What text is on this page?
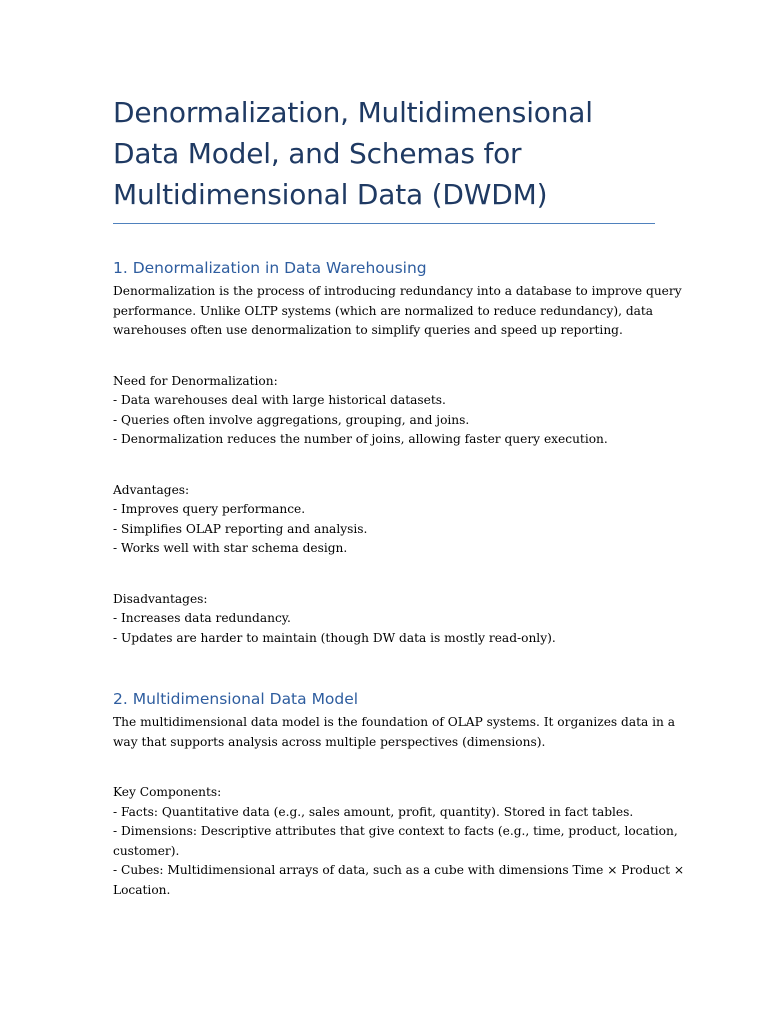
Denormalization, Multidimensional
Data Model, and Schemas for
Multidimensional Data (DWDM)
1. Denormalization in Data Warehousing

Denormalization is the process of introducing redundancy into a database to improve query
performance. Unlike OLTP systems (which are normalized to reduce redundancy), data
warehouses often use denormalization to simplify queries and speed up reporting.

Need for Denormalization:
- Data warehouses deal with large historical datasets.
- Queries often involve aggregations, grouping, and joins.
- Denormalization reduces the number of joins, allowing faster query execution.

Advantages:
- Improves query performance.
- Simplifies OLAP reporting and analysis.
- Works well with star schema design.

Disadvantages:
- Increases data redundancy.
- Updates are harder to maintain (though DW data is mostly read-only).

2. Multidimensional Data Model

The multidimensional data model is the foundation of OLAP systems. It organizes data in a
way that supports analysis across multiple perspectives (dimensions).

Key Components:
- Facts: Quantitative data (e.g., sales amount, profit, quantity). Stored in fact tables.
- Dimensions: Descriptive attributes that give context to facts (e.g., time, product, location,
customer).
- Cubes: Multidimensional arrays of data, such as a cube with dimensions Time × Product ×
Location.
